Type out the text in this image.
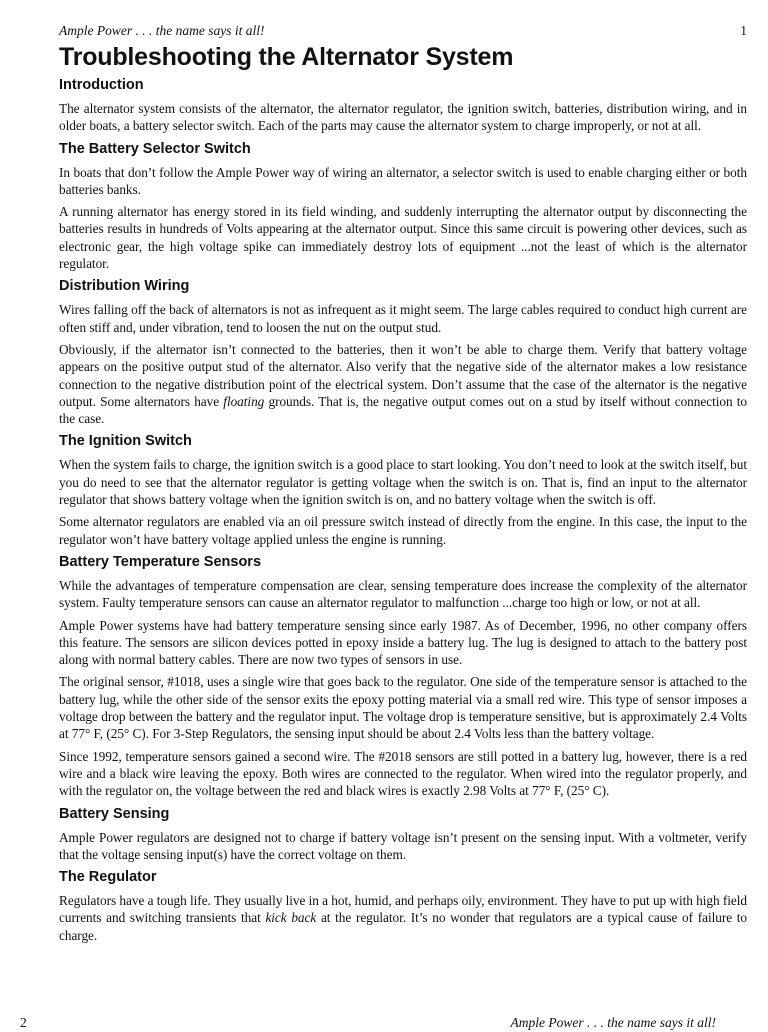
Ample Power . . . the name says it all!	1
Troubleshooting the Alternator System
Introduction

The alternator system consists of the alternator, the alternator regulator, the ignition switch, batteries, distribution wiring, and in older boats, a battery selector switch. Each of the parts may cause the alternator system to charge improperly, or not at all.

The Battery Selector Switch

In boats that don’t follow the Ample Power way of wiring an alternator, a selector switch is used to enable charging either or both batteries banks.

A running alternator has energy stored in its field winding, and suddenly interrupting the alternator output by disconnecting the batteries results in hundreds of Volts appearing at the alternator output. Since this same circuit is powering other devices, such as electronic gear, the high voltage spike can immediately destroy lots of equipment ...not the least of which is the alternator regulator.

Distribution Wiring

Wires falling off the back of alternators is not as infrequent as it might seem. The large cables required to conduct high current are often stiff and, under vibration, tend to loosen the nut on the output stud.

Obviously, if the alternator isn’t connected to the batteries, then it won’t be able to charge them. Verify that battery voltage appears on the positive output stud of the alternator. Also verify that the negative side of the alternator makes a low resistance connection to the negative distribution point of the electrical system. Don’t assume that the case of the alternator is the negative output. Some alternators have floating grounds. That is, the negative output comes out on a stud by itself without connection to the case.

The Ignition Switch

When the system fails to charge, the ignition switch is a good place to start looking. You don’t need to look at the switch itself, but you do need to see that the alternator regulator is getting voltage when the switch is on. That is, find an input to the alternator regulator that shows battery voltage when the ignition switch is on, and no battery voltage when the switch is off.

Some alternator regulators are enabled via an oil pressure switch instead of directly from the engine. In this case, the input to the regulator won’t have battery voltage applied unless the engine is running.

Battery Temperature Sensors

While the advantages of temperature compensation are clear, sensing temperature does increase the complexity of the alternator system. Faulty temperature sensors can cause an alternator regulator to malfunction ...charge too high or low, or not at all.

Ample Power systems have had battery temperature sensing since early 1987. As of December, 1996, no other company offers this feature. The sensors are silicon devices potted in epoxy inside a battery lug. The lug is designed to attach to the battery post along with normal battery cables. There are now two types of sensors in use.

The original sensor, #1018, uses a single wire that goes back to the regulator. One side of the temperature sensor is attached to the battery lug, while the other side of the sensor exits the epoxy potting material via a small red wire. This type of sensor imposes a voltage drop between the battery and the regulator input. The voltage drop is temperature sensitive, but is approximately 2.4 Volts at 77° F, (25° C). For 3-Step Regulators, the sensing input should be about 2.4 Volts less than the battery voltage.

Since 1992, temperature sensors gained a second wire. The #2018 sensors are still potted in a battery lug, however, there is a red wire and a black wire leaving the epoxy. Both wires are connected to the regulator. When wired into the regulator properly, and with the regulator on, the voltage between the red and black wires is exactly 2.98 Volts at 77° F, (25° C).

Battery Sensing

Ample Power regulators are designed not to charge if battery voltage isn’t present on the sensing input. With a voltmeter, verify that the voltage sensing input(s) have the correct voltage on them.

The Regulator

Regulators have a tough life. They usually live in a hot, humid, and perhaps oily, environment. They have to put up with high field currents and switching transients that kick back at the regulator. It’s no wonder that regulators are a typical cause of failure to charge.

2	Ample Power . . . the name says it all!
